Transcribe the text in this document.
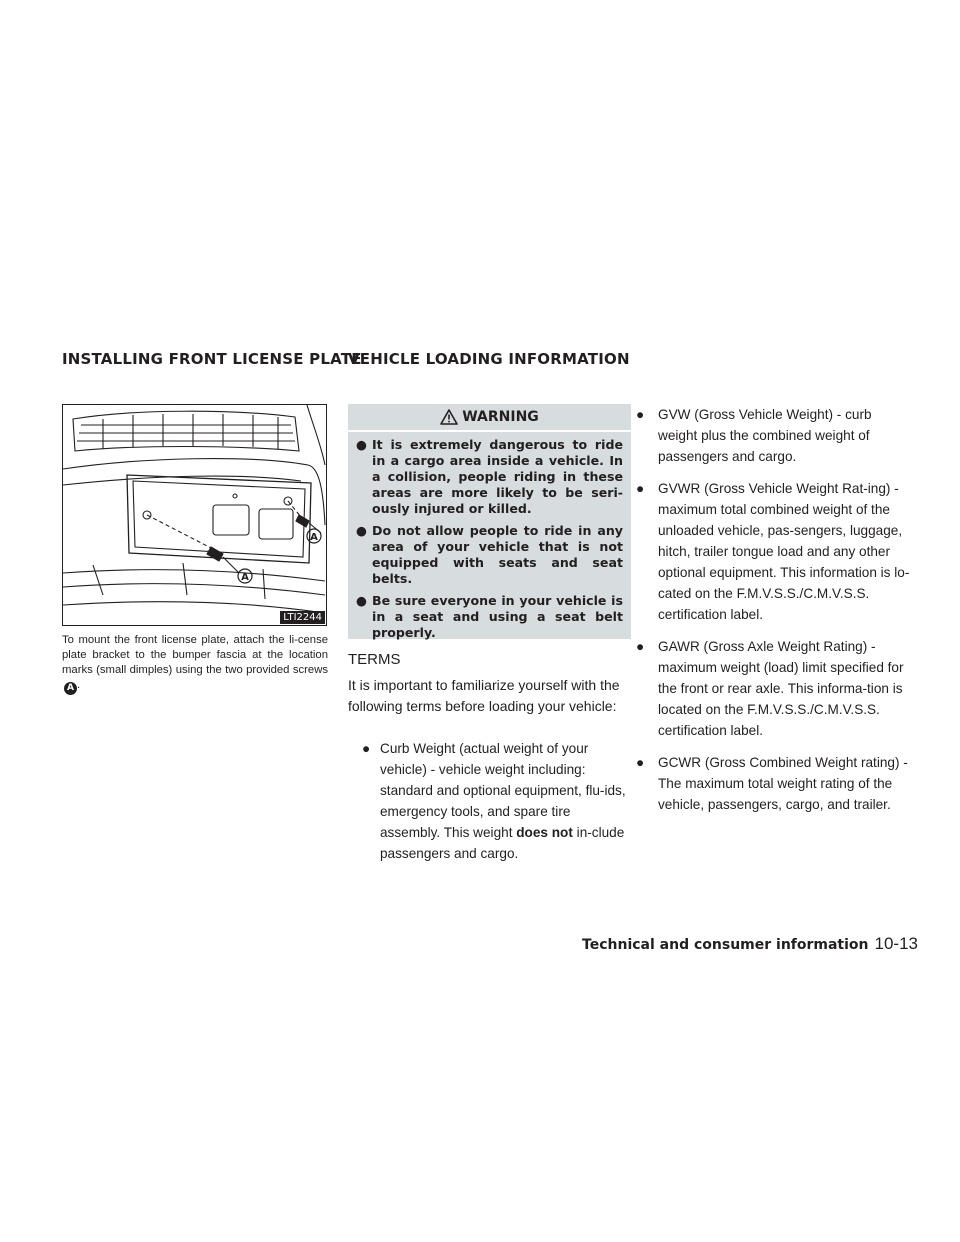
INSTALLING FRONT LICENSE PLATE
VEHICLE LOADING INFORMATION
A
A
LTI2244
To mount the front license plate, attach the li-cense plate bracket to the bumper fascia at the location marks (small dimples) using the two provided screwsA .
WARNING
● It is extremely dangerous to ride in a cargo area inside a vehicle. In a collision, people riding in these areas are more likely to be seri-ously injured or killed.
● Do not allow people to ride in any area of your vehicle that is not equipped with seats and seat belts.
● Be sure everyone in your vehicle is in a seat and using a seat belt properly.
TERMS
It is important to familiarize yourself with the following terms before loading your vehicle:
● Curb Weight (actual weight of your vehicle) - vehicle weight including: standard and optional equipment, flu-ids, emergency tools, and spare tire assembly. This weight does not in-clude passengers and cargo.
● GVW (Gross Vehicle Weight) - curb weight plus the combined weight of passengers and cargo.
● GVWR (Gross Vehicle Weight Rat-ing) - maximum total combined weight of the unloaded vehicle, pas-sengers, luggage, hitch, trailer tongue load and any other optional equipment. This information is lo-cated on the F.M.V.S.S./C.M.V.S.S. certification label.
● GAWR (Gross Axle Weight Rating) - maximum weight (load) limit specified for the front or rear axle. This informa-tion is located on the F.M.V.S.S./C.M.V.S.S. certification label.
● GCWR (Gross Combined Weight rating) - The maximum total weight rating of the vehicle, passengers, cargo, and trailer.
Technical and consumer information 10-13
